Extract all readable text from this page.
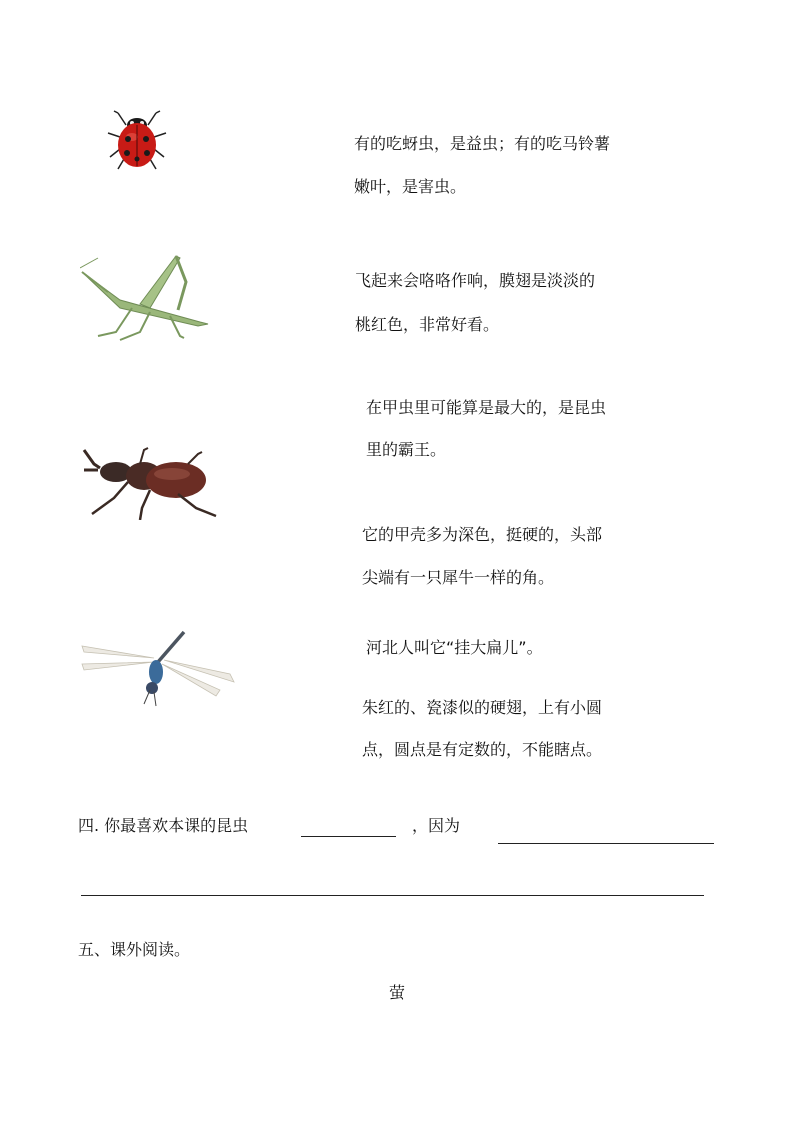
有的吃蚜虫，是益虫；有的吃马铃薯
嫩叶，是害虫。
飞起来会咯咯作响，膜翅是淡淡的
桃红色，非常好看。
在甲虫里可能算是最大的，是昆虫
里的霸王。
它的甲壳多为深色，挺硬的，头部
尖端有一只犀牛一样的角。
河北人叫它“挂大扁儿”。
朱红的、瓷漆似的硬翅，上有小圆
点，圆点是有定数的，不能瞎点。
四. 你最喜欢本课的昆虫	，因为
五、课外阅读。
萤
